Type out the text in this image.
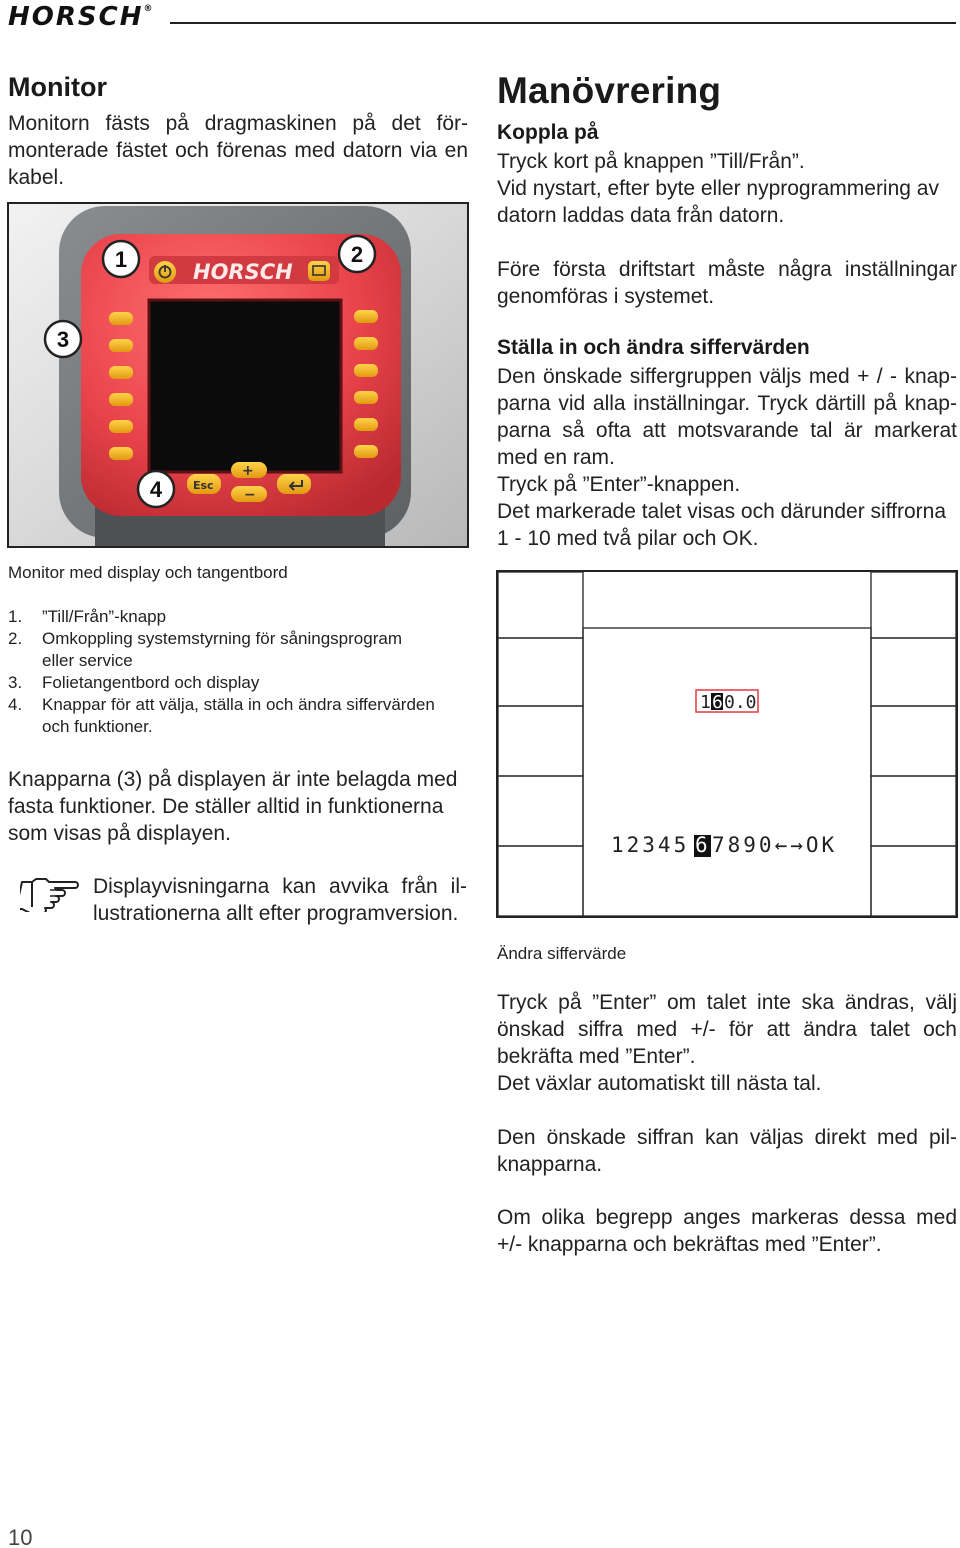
HORSCH®
Monitor
Monitorn fästs på dragmaskinen på det förmonterade fästet och förenas med datorn via en kabel.
HORSCH
Esc
+
−
1	2
3
4
Monitor med display och tangentbord
1.	”Till/Från”-knapp
2.	Omkoppling systemstyrning för såningsprogram
eller service
3.	Folietangentbord och display
4.	Knappar för att välja, ställa in och ändra siffervärden
och funktioner.
Knapparna (3) på displayen är inte belagda med fasta funktioner. De ställer alltid in funktionerna som visas på displayen.
Displayvisningarna kan avvika från illustrationerna allt efter programversion.
Manövrering
Koppla på
Tryck kort på knappen ”Till/Från”.
Vid nystart, efter byte eller nyprogrammering av datorn laddas data från datorn.
Före första driftstart måste några inställningar genomföras i systemet.
Ställa in och ändra siffervärden
Den önskade siffergruppen väljs med + / - knapparna vid alla inställningar. Tryck därtill på knapparna så ofta att motsvarande tal är markerat med en ram.
Tryck på ”Enter”-knappen.
Det markerade talet visas och därunder siffrorna 1 - 10 med två pilar och OK.
1 6 0.0
12345 6 7890←→OK
Ändra siffervärde
Tryck på ”Enter” om talet inte ska ändras, välj önskad siffra med +/- för att ändra talet och bekräfta med ”Enter”.
Det växlar automatiskt till nästa tal.
Den önskade siffran kan väljas direkt med pilknapparna.
Om olika begrepp anges markeras dessa med +/- knapparna och bekräftas med ”Enter”.
10
